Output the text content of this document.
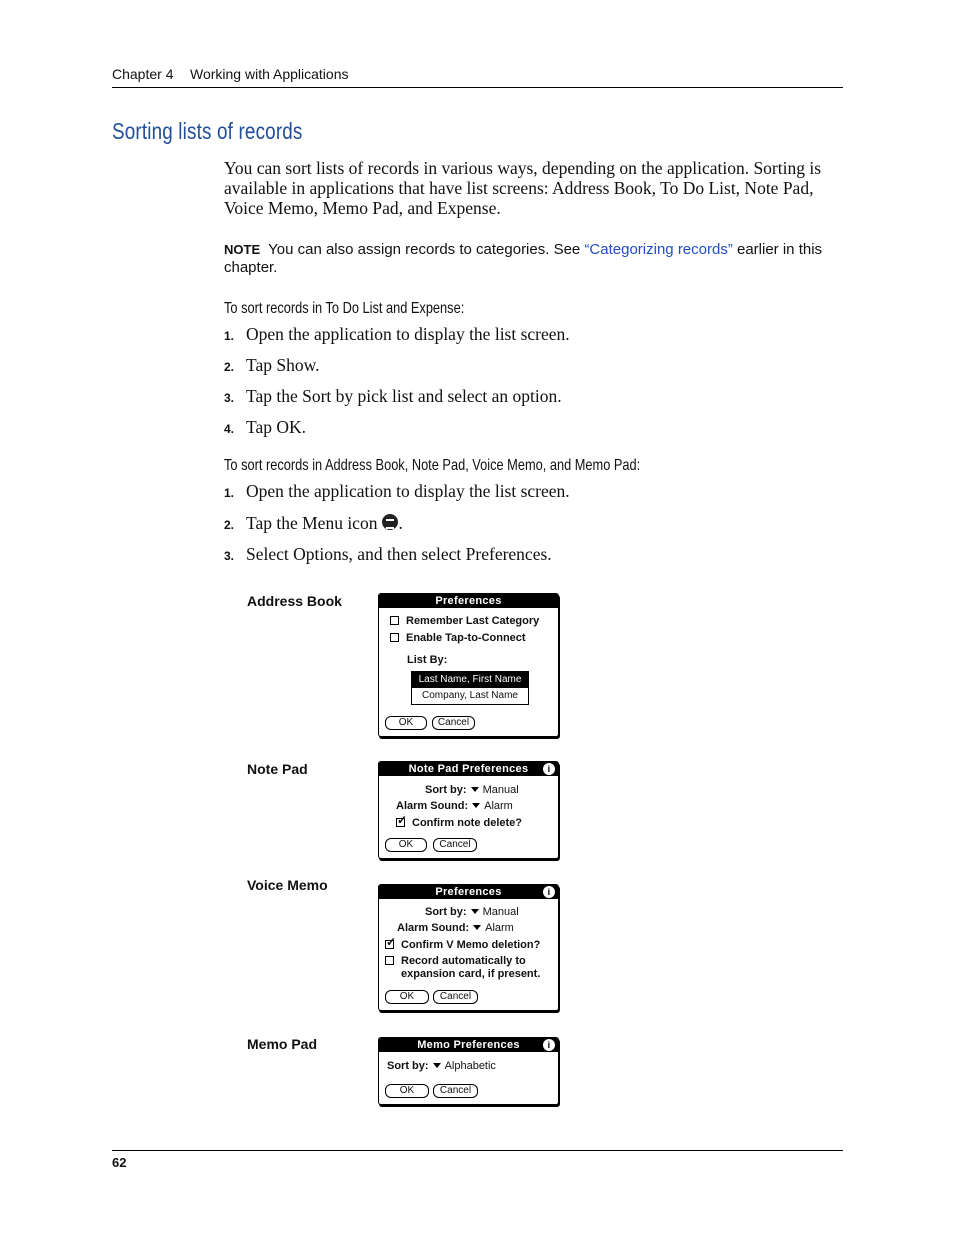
Chapter 4 Working with Applications
Sorting lists of records

You can sort lists of records in various ways, depending on the application. Sorting is available in applications that have list screens: Address Book, To Do List, Note Pad, Voice Memo, Memo Pad, and Expense.

NOTE You can also assign records to categories. See “Categorizing records” earlier in this chapter.

To sort records in To Do List and Expense:
1. Open the application to display the list screen.
2. Tap Show.
3. Tap the Sort by pick list and select an option.
4. Tap OK.
To sort records in Address Book, Note Pad, Voice Memo, and Memo Pad:
1. Open the application to display the list screen.
2. Tap the Menu icon .
3. Select Options, and then select Preferences.
Address Book	Preferences
Remember Last Category
Enable Tap-to-Connect
List By:
Last Name, First Name
Company, Last Name
OK	Cancel
Note Pad	Note Pad Preferences	i
Sort by: Manual
Alarm Sound: Alarm
✓Confirm note delete?
OK	Cancel
Voice Memo	Preferences	i
Sort by: Manual
Alarm Sound: Alarm
✓Confirm V Memo deletion?
Record automatically to
expansion card, if present.
OK	Cancel
Memo Pad	Memo Preferences	i
Sort by: Alphabetic
OK	Cancel
62
